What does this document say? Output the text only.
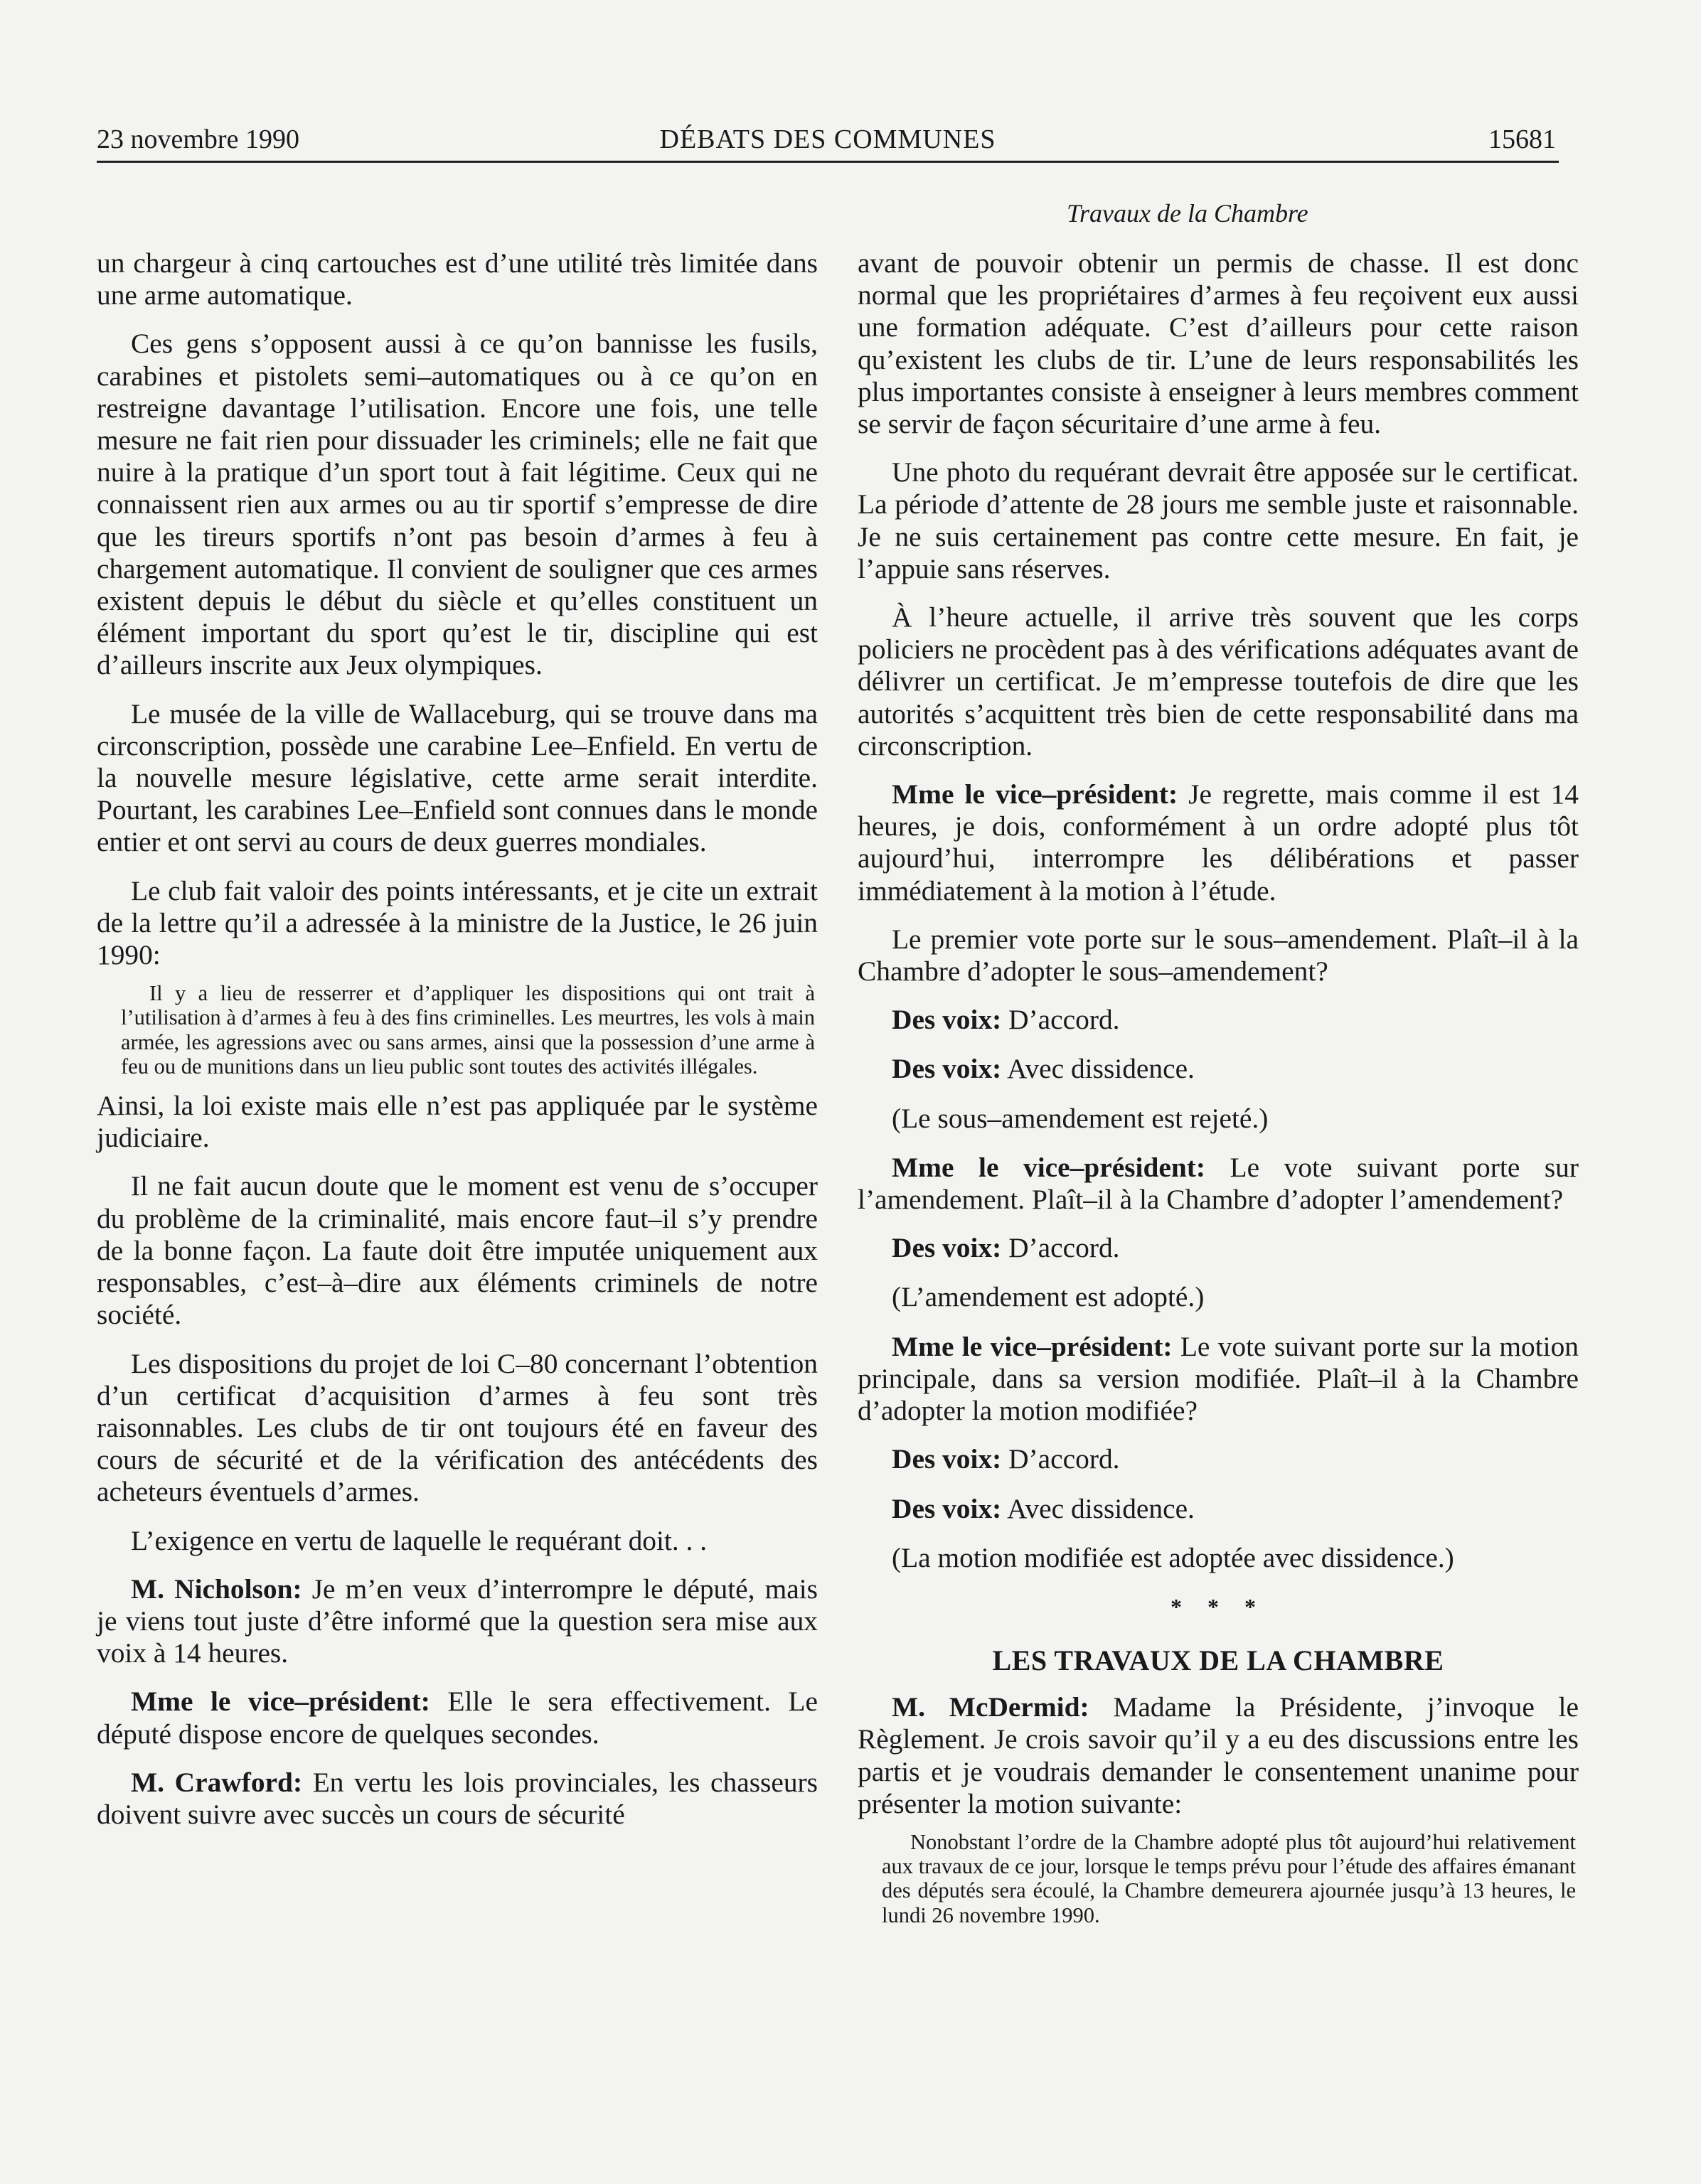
23 novembre 1990	DÉBATS DES COMMUNES	15681
Travaux de la Chambre

un chargeur à cinq cartouches est d’une utilité très limitée dans une arme automatique.

Ces gens s’opposent aussi à ce qu’on bannisse les fusils, carabines et pistolets semi–automatiques ou à ce qu’on en restreigne davantage l’utilisation. Encore une fois, une telle mesure ne fait rien pour dissuader les criminels; elle ne fait que nuire à la pratique d’un sport tout à fait légitime. Ceux qui ne connaissent rien aux armes ou au tir sportif s’empresse de dire que les tireurs sportifs n’ont pas besoin d’armes à feu à chargement automatique. Il convient de souligner que ces armes existent depuis le début du siècle et qu’elles constituent un élément important du sport qu’est le tir, discipline qui est d’ailleurs inscrite aux Jeux olympiques.

Le musée de la ville de Wallaceburg, qui se trouve dans ma circonscription, possède une carabine Lee–Enfield. En vertu de la nouvelle mesure législative, cette arme serait interdite. Pourtant, les carabines Lee–Enfield sont connues dans le monde entier et ont servi au cours de deux guerres mondiales.

Le club fait valoir des points intéressants, et je cite un extrait de la lettre qu’il a adressée à la ministre de la Justice, le 26 juin 1990:

Il y a lieu de resserrer et d’appliquer les dispositions qui ont trait à l’utilisation à d’armes à feu à des fins criminelles. Les meurtres, les vols à main armée, les agressions avec ou sans armes, ainsi que la possession d’une arme à feu ou de munitions dans un lieu public sont toutes des activités illégales.

Ainsi, la loi existe mais elle n’est pas appliquée par le système judiciaire.

Il ne fait aucun doute que le moment est venu de s’occuper du problème de la criminalité, mais encore faut–il s’y prendre de la bonne façon. La faute doit être imputée uniquement aux responsables, c’est–à–dire aux éléments criminels de notre société.

Les dispositions du projet de loi C–80 concernant l’obtention d’un certificat d’acquisition d’armes à feu sont très raisonnables. Les clubs de tir ont toujours été en faveur des cours de sécurité et de la vérification des antécédents des acheteurs éventuels d’armes.

L’exigence en vertu de laquelle le requérant doit. . .

M. Nicholson: Je m’en veux d’interrompre le député, mais je viens tout juste d’être informé que la question sera mise aux voix à 14 heures.

Mme le vice–président: Elle le sera effectivement. Le député dispose encore de quelques secondes.

M. Crawford: En vertu les lois provinciales, les chasseurs doivent suivre avec succès un cours de sécurité

avant de pouvoir obtenir un permis de chasse. Il est donc normal que les propriétaires d’armes à feu reçoivent eux aussi une formation adéquate. C’est d’ailleurs pour cette raison qu’existent les clubs de tir. L’une de leurs responsabilités les plus importantes consiste à enseigner à leurs membres comment se servir de façon sécuritaire d’une arme à feu.

Une photo du requérant devrait être apposée sur le certificat. La période d’attente de 28 jours me semble juste et raisonnable. Je ne suis certainement pas contre cette mesure. En fait, je l’appuie sans réserves.

À l’heure actuelle, il arrive très souvent que les corps policiers ne procèdent pas à des vérifications adéquates avant de délivrer un certificat. Je m’empresse toutefois de dire que les autorités s’acquittent très bien de cette responsabilité dans ma circonscription.

Mme le vice–président: Je regrette, mais comme il est 14 heures, je dois, conformément à un ordre adopté plus tôt aujourd’hui, interrompre les délibérations et passer immédiatement à la motion à l’étude.

Le premier vote porte sur le sous–amendement. Plaît–il à la Chambre d’adopter le sous–amendement?

Des voix: D’accord.

Des voix: Avec dissidence.

(Le sous–amendement est rejeté.)

Mme le vice–président: Le vote suivant porte sur l’amendement. Plaît–il à la Chambre d’adopter l’amendement?

Des voix: D’accord.

(L’amendement est adopté.)

Mme le vice–président: Le vote suivant porte sur la motion principale, dans sa version modifiée. Plaît–il à la Chambre d’adopter la motion modifiée?

Des voix: D’accord.

Des voix: Avec dissidence.

(La motion modifiée est adoptée avec dissidence.)

* * *
LES TRAVAUX DE LA CHAMBRE

M. McDermid: Madame la Présidente, j’invoque le Règlement. Je crois savoir qu’il y a eu des discussions entre les partis et je voudrais demander le consentement unanime pour présenter la motion suivante:

Nonobstant l’ordre de la Chambre adopté plus tôt aujourd’hui relativement aux travaux de ce jour, lorsque le temps prévu pour l’étude des affaires émanant des députés sera écoulé, la Chambre demeurera ajournée jusqu’à 13 heures, le lundi 26 novembre 1990.
